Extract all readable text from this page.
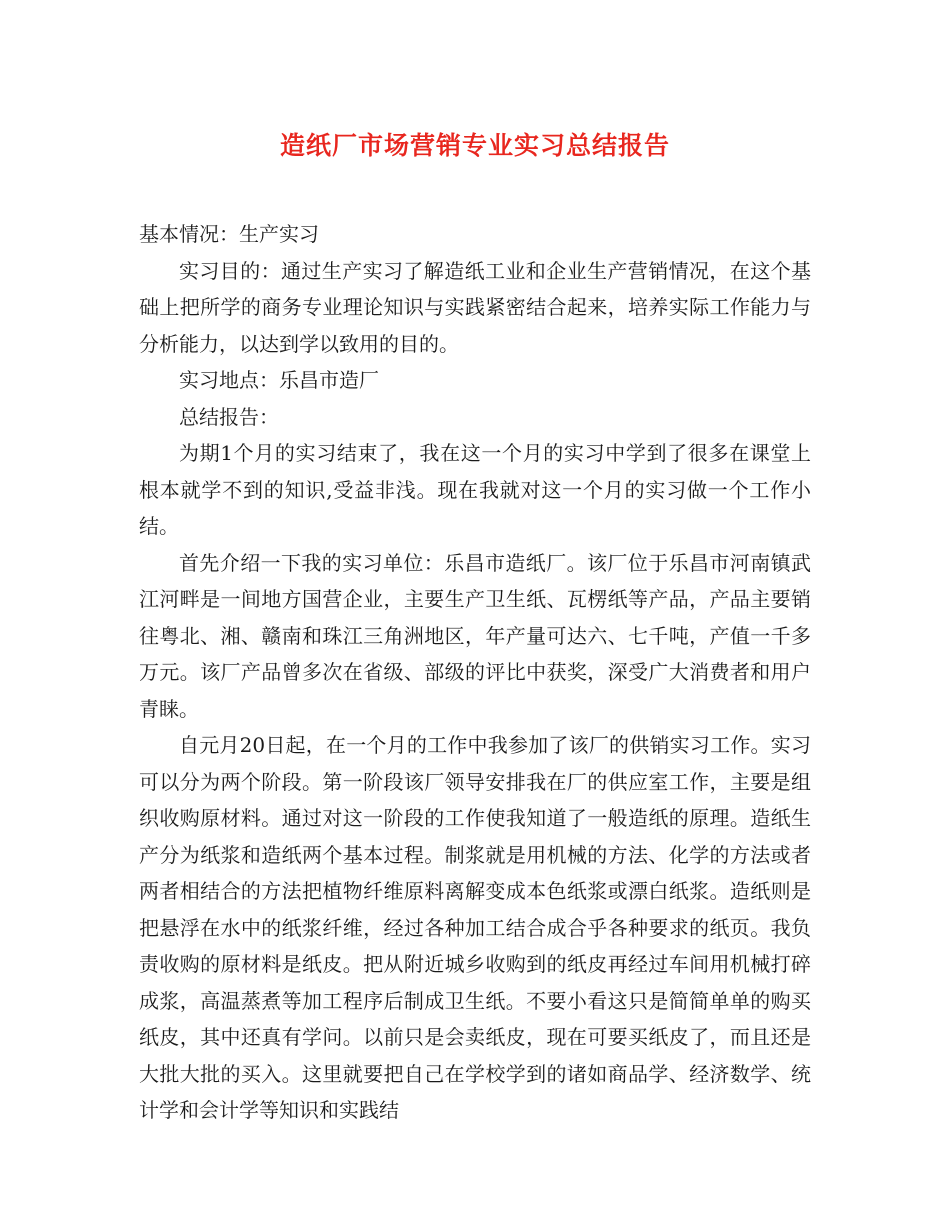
造纸厂市场营销专业实习总结报告

基本情况：生产实习

实习目的：通过生产实习了解造纸工业和企业生产营销情况，在这个基础上把所学的商务专业理论知识与实践紧密结合起来，培养实际工作能力与分析能力，以达到学以致用的目的。

实习地点：乐昌市造厂

总结报告：

为期1个月的实习结束了，我在这一个月的实习中学到了很多在课堂上根本就学不到的知识,受益非浅。现在我就对这一个月的实习做一个工作小结。

首先介绍一下我的实习单位：乐昌市造纸厂。该厂位于乐昌市河南镇武江河畔是一间地方国营企业，主要生产卫生纸、瓦楞纸等产品，产品主要销往粤北、湘、赣南和珠江三角洲地区，年产量可达六、七千吨，产值一千多万元。该厂产品曾多次在省级、部级的评比中获奖，深受广大消费者和用户青睐。

自元月20日起，在一个月的工作中我参加了该厂的供销实习工作。实习可以分为两个阶段。第一阶段该厂领导安排我在厂的供应室工作，主要是组织收购原材料。通过对这一阶段的工作使我知道了一般造纸的原理。造纸生产分为纸浆和造纸两个基本过程。制浆就是用机械的方法、化学的方法或者两者相结合的方法把植物纤维原料离解变成本色纸浆或漂白纸浆。造纸则是把悬浮在水中的纸浆纤维，经过各种加工结合成合乎各种要求的纸页。我负责收购的原材料是纸皮。把从附近城乡收购到的纸皮再经过车间用机械打碎成浆，高温蒸煮等加工程序后制成卫生纸。不要小看这只是简简单单的购买纸皮，其中还真有学问。以前只是会卖纸皮，现在可要买纸皮了，而且还是大批大批的买入。这里就要把自己在学校学到的诸如商品学、经济数学、统计学和会计学等知识和实践结
